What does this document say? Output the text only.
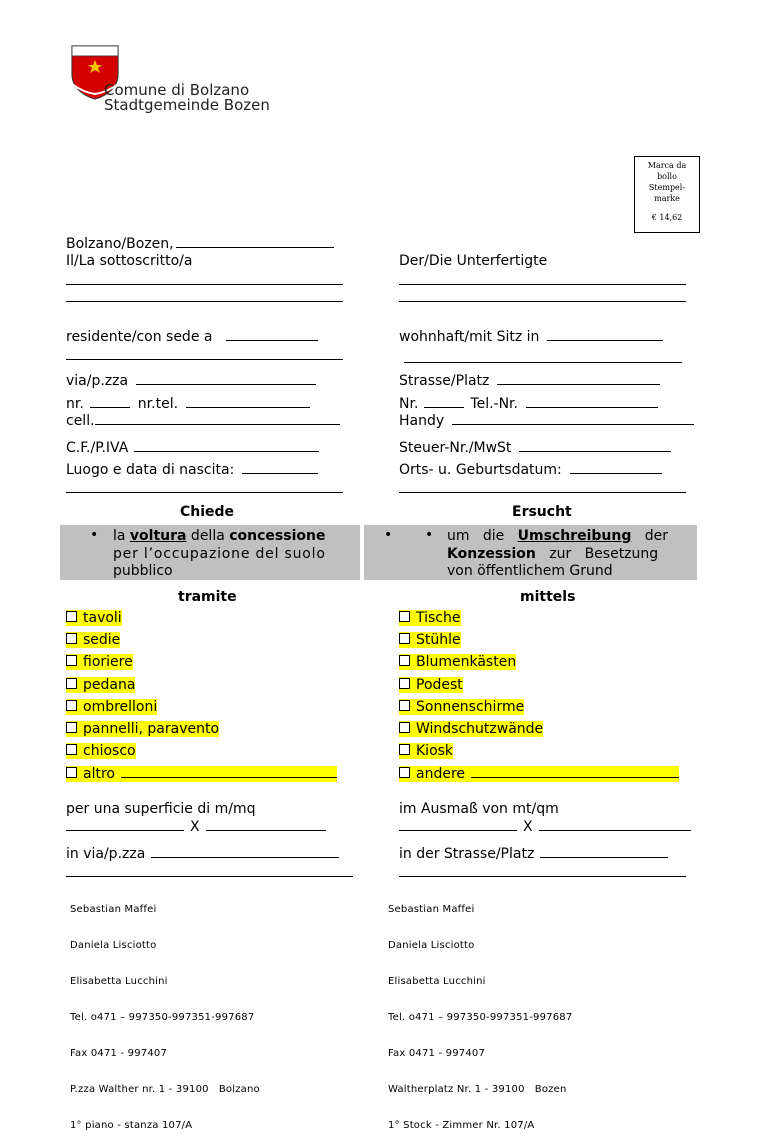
Comune di Bolzano
Stadtgemeinde Bozen
Marca da
bollo
Stempel-
marke
€ 14,62
Bolzano/Bozen,
Il/La sottoscritto/a
residente/con sede a
via/p.zza
nr.	nr.tel.
cell.
C.F./P.IVA
Luogo e data di nascita:
Der/Die Unterfertigte
wohnhaft/mit Sitz in
Strasse/Platz
Nr.	Tel.-Nr.
Handy
Steuer-Nr./MwSt
Orts- u. Geburtsdatum:
Chiede	Ersucht
• la voltura della concessione
per l’occupazione del suolo
pubblico
• • um   die   Umschreibung   der
Konzession   zur   Besetzung
von öffentlichem Grund
tramite	mittels
tavoli
sedie
fioriere
pedana
ombrelloni
pannelli, paravento
chiosco
altro
Tische
Stühle
Blumenkästen
Podest
Sonnenschirme
Windschutzwände
Kiosk
andere
per una superficie di m/mq
X
in via/p.zza
im Ausmaß von mt/qm
X
in der Strasse/Platz

Sebastian Maffei

Daniela Lisciotto

Elisabetta Lucchini

Tel. o471 – 997350-997351-997687

Fax 0471 - 997407

P.zza Walther nr. 1 - 39100   Bolzano

1° piano - stanza 107/A

Sebastian Maffei

Daniela Lisciotto

Elisabetta Lucchini

Tel. o471 – 997350-997351-997687

Fax 0471 - 997407

Waltherplatz Nr. 1 - 39100   Bozen

1° Stock - Zimmer Nr. 107/A
